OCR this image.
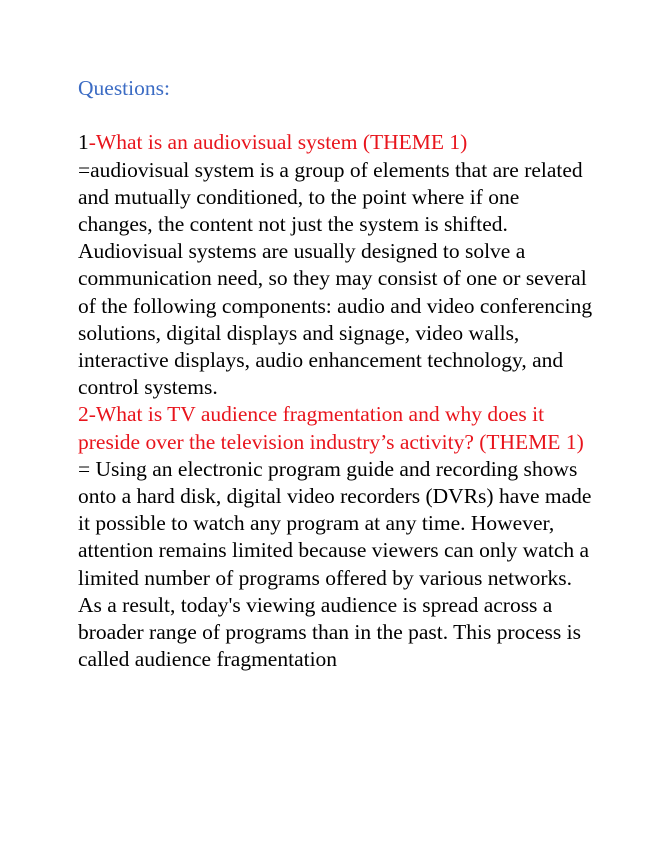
Questions:

1-What is an audiovisual system (THEME 1)

=audiovisual system is a group of elements that are related and mutually conditioned, to the point where if one changes, the content not just the system is shifted.

Audiovisual systems are usually designed to solve a communication need, so they may consist of one or several of the following components: audio and video conferencing solutions, digital displays and signage, video walls, interactive displays, audio enhancement technology, and control systems.

2-What is TV audience fragmentation and why does it preside over the television industry’s activity? (THEME 1)

= Using an electronic program guide and recording shows onto a hard disk, digital video recorders (DVRs) have made it possible to watch any program at any time. However, attention remains limited because viewers can only watch a limited number of programs offered by various networks. As a result, today's viewing audience is spread across a broader range of programs than in the past. This process is called audience fragmentation
